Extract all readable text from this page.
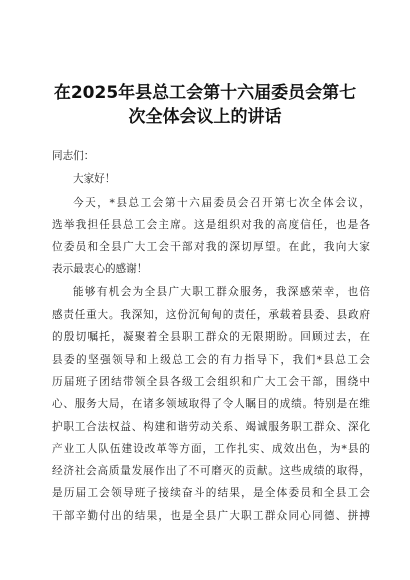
在2025年县总工会第十六届委员会第七
次全体会议上的讲话
同志们：
大家好！
今天，*县总工会第十六届委员会召开第七次全体会议，
选举我担任县总工会主席。这是组织对我的高度信任，也是各
位委员和全县广大工会干部对我的深切厚望。在此，我向大家
表示最衷心的感谢！
能够有机会为全县广大职工群众服务，我深感荣幸，也倍
感责任重大。我深知，这份沉甸甸的责任，承载着县委、县政府
的殷切嘱托，凝聚着全县职工群众的无限期盼。回顾过去，在
县委的坚强领导和上级总工会的有力指导下，我们*县总工会
历届班子团结带领全县各级工会组织和广大工会干部，围绕中
心、服务大局，在诸多领域取得了令人瞩目的成绩。特别是在维
护职工合法权益、构建和谐劳动关系、竭诚服务职工群众、深化
产业工人队伍建设改革等方面，工作扎实、成效出色，为*县的
经济社会高质量发展作出了不可磨灭的贡献。这些成绩的取得，
是历届工会领导班子接续奋斗的结果，是全体委员和全县工会
干部辛勤付出的结果，也是全县广大职工群众同心同德、拼搏
